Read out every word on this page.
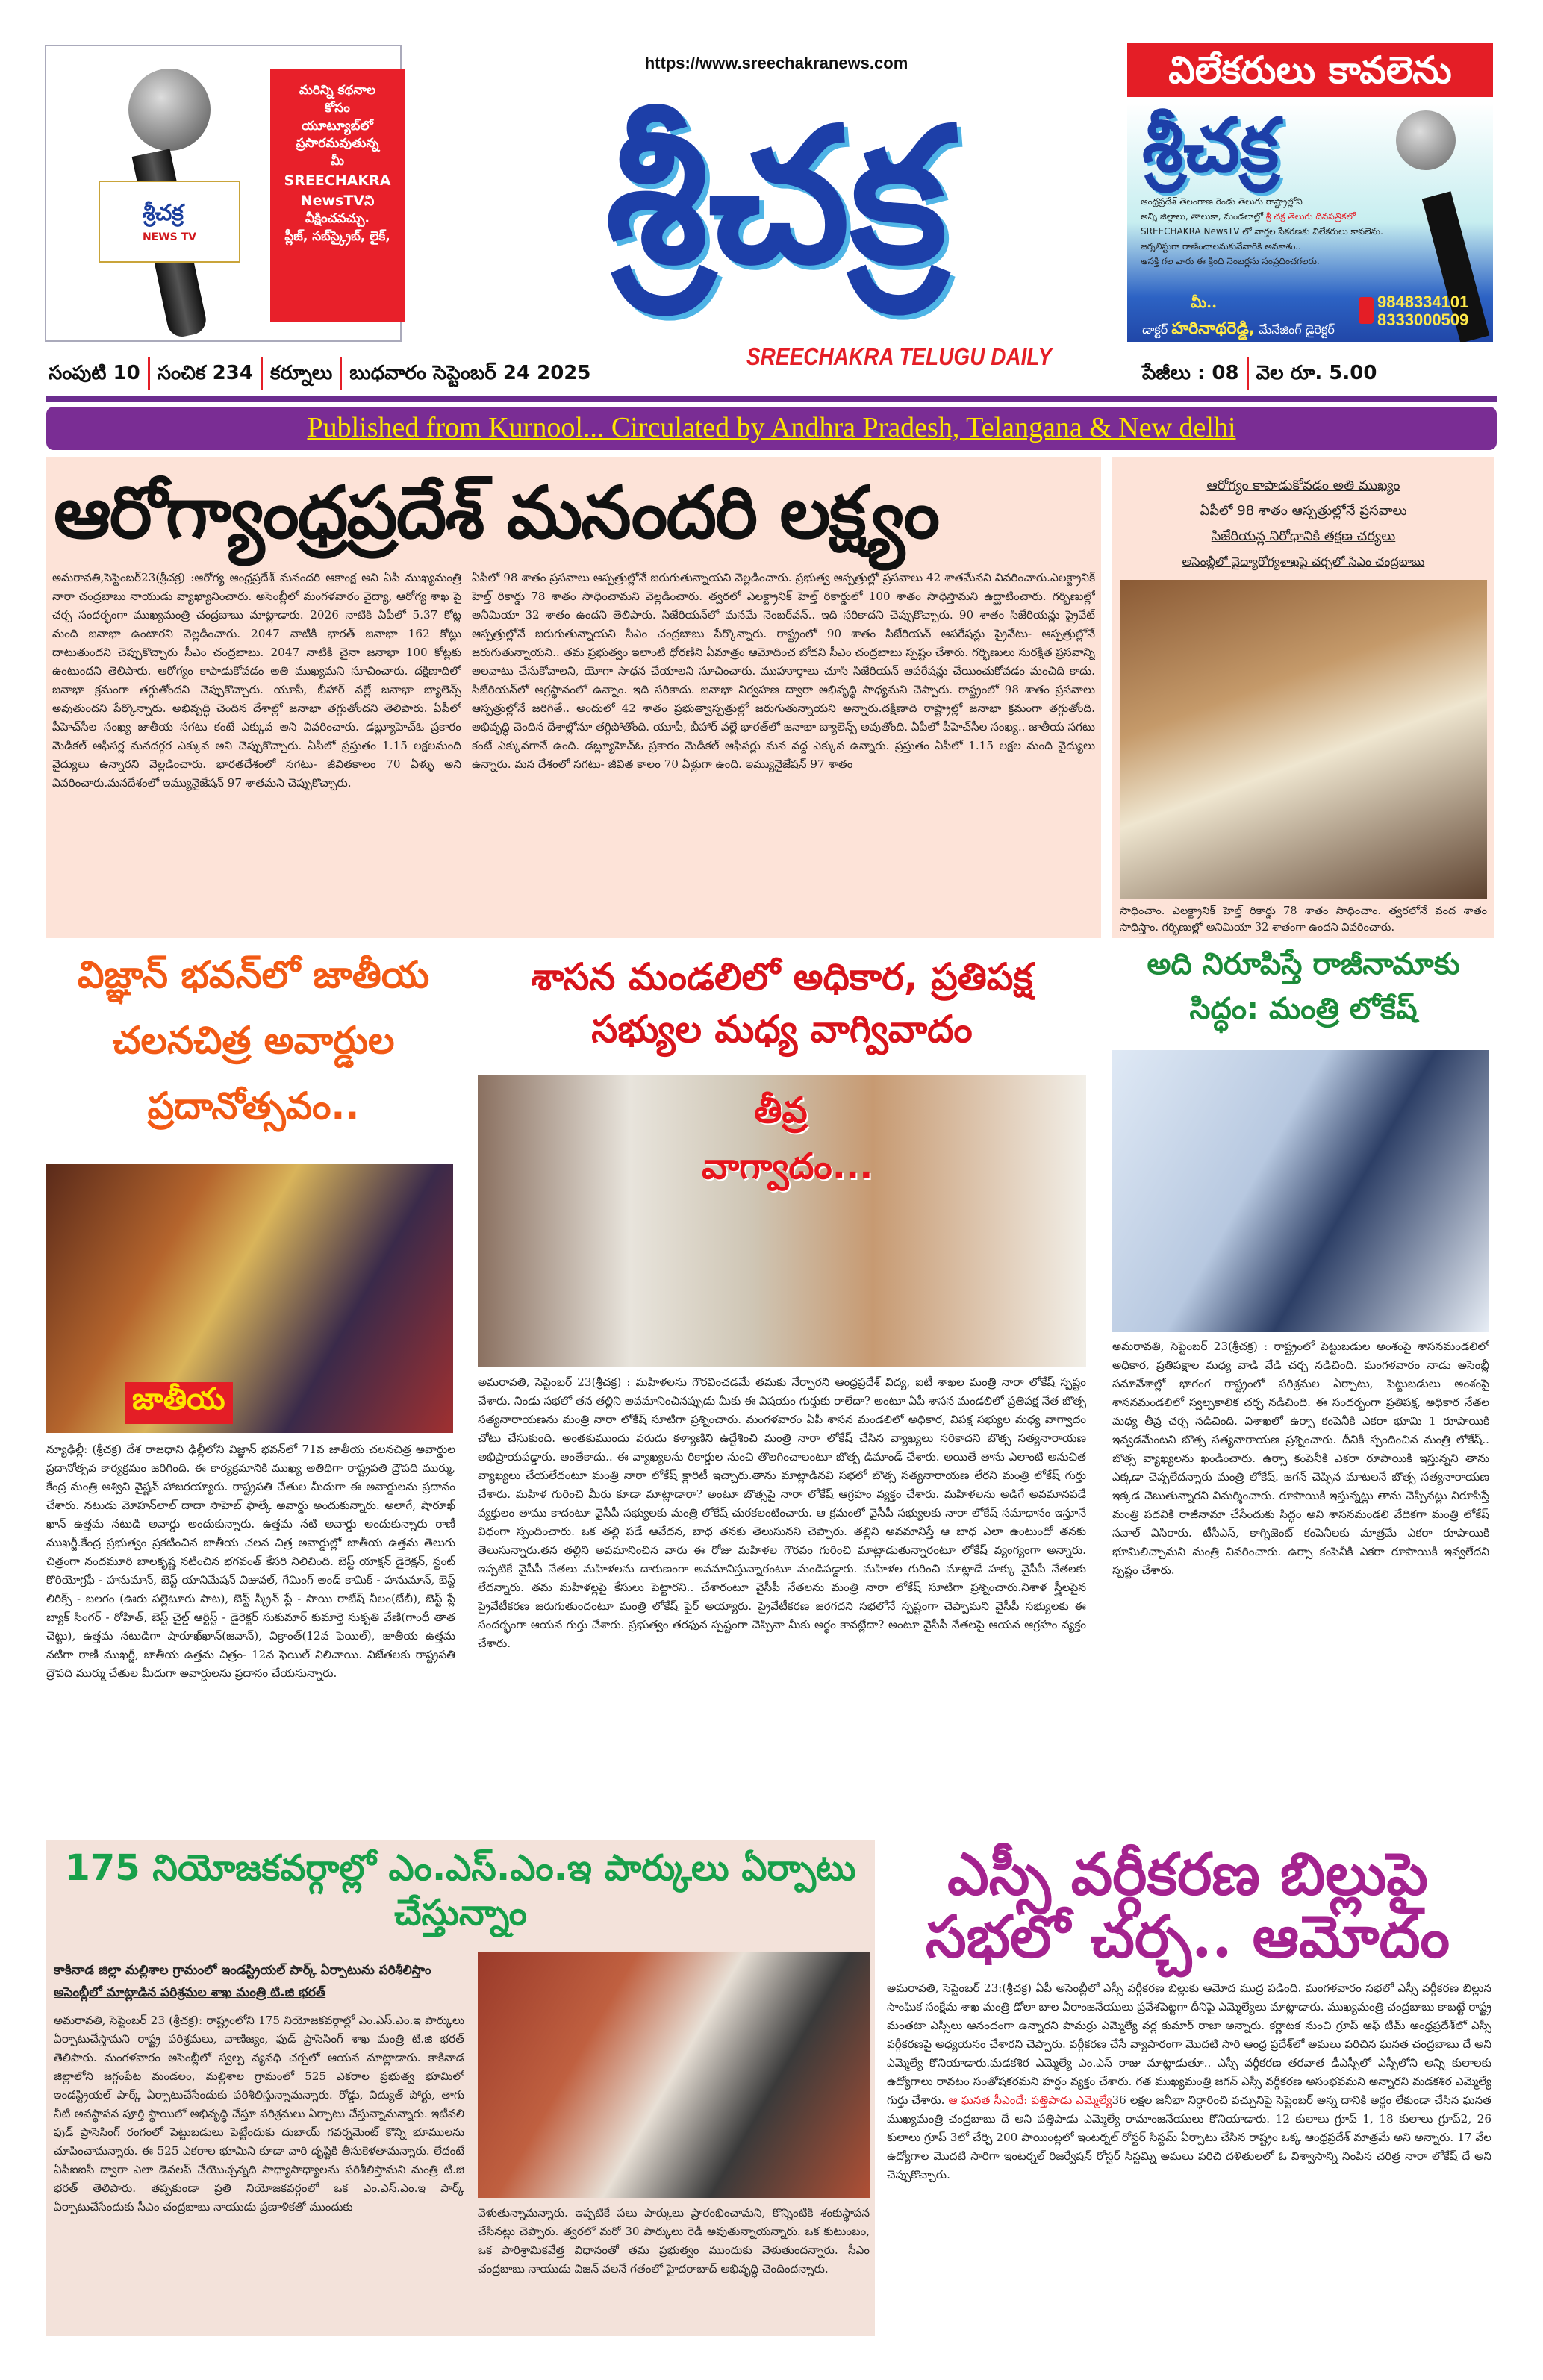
శ్రీచక్ర
NEWS TV
మరిన్ని కథనాల
కోసం
యూట్యూబ్‌లో
ప్రసారమవుతున్న
మీ
SREECHAKRA
NewsTVని
వీక్షించవచ్చు.
ప్లీజ్, సబ్‌స్క్రైబ్, లైక్,
https://www.sreechakranews.com
శ్రీచక్ర
SREECHAKRA TELUGU DAILY
విలేకరులు కావలెను
శ్రీచక్ర
ఆంధ్రప్రదేశ్-తెలంగాణ రెండు తెలుగు రాష్ట్రాల్లోని
అన్ని జిల్లాలు, తాలుకా, మండలాల్లో శ్రీ చక్ర తెలుగు దినపత్రికలో
SREECHAKRA NewsTV లో వార్తల సేకరణకు విలేకరులు కావలెను.
జర్నలిస్టుగా రాణించాలనుకునేవారికి అవకాశం..
ఆసక్తి గల వారు ఈ క్రింది నెంబర్లను సంప్రదించగలరు.
మీ..
డాక్టర్ హరినాథరెడ్డి, మేనేజింగ్ డైరెక్టర్
9848334101
8333000509
సంపుటి 10 సంచిక 234 కర్నూలు బుధవారం సెప్టెంబర్ 24 2025	పేజీలు : 08 వెల రూ. 5.00
Published from Kurnool... Circulated by Andhra Pradesh, Telangana & New delhi
ఆరోగ్యాంధ్రప్రదేశ్ మనందరి లక్ష్యం
అమరావతి,సెప్టెంబర్23(శ్రీచక్ర) :ఆరోగ్య ఆంధ్రప్రదేశ్ మనందరి ఆకాంక్ష అని ఏపీ ముఖ్యమంత్రి నారా చంద్రబాబు నాయుడు వ్యాఖ్యానించారు. అసెంబ్లీలో మంగళవారం వైద్యా, ఆరోగ్య శాఖ పై చర్చ సందర్భంగా ముఖ్యమంత్రి చంద్రబాబు మాట్లాడారు. 2026 నాటికి ఏపీలో 5.37 కోట్ల మంది జనాభా ఉంటారని వెల్లడించారు. 2047 నాటికి భారత్ జనాభా 162 కోట్లు దాటుతుందని చెప్పుకొచ్చారు సీఎం చంద్రబాబు. 2047 నాటికి చైనా జనాభా 100 కోట్లకు ఉంటుందని తెలిపారు. ఆరోగ్యం కాపాడుకోవడం అతి ముఖ్యమని సూచించారు. దక్షిణాదిలో జనాభా క్రమంగా తగ్గుతోందని చెప్పుకొచ్చారు. యూపీ, బీహార్ వల్లే జనాభా బ్యాలెన్స్ అవుతుందని పేర్కొన్నారు. అభివృద్ధి చెందిన దేశాల్లో జనాభా తగ్గుతోందని తెలిపారు. ఏపీలో పీహెచ్‌సీల సంఖ్య జాతీయ సగటు కంటే ఎక్కువ అని వివరించారు. డబ్ల్యూహెచ్‌ఓ ప్రకారం మెడికల్ ఆఫీసర్ల మనదగ్గర ఎక్కువ అని చెప్పుకొచ్చారు. ఏపీలో ప్రస్తుతం 1.15 లక్షలమంది వైద్యులు ఉన్నారని వెల్లడించారు. భారతదేశంలో సగటు- జీవితకాలం 70 ఏళ్ళు అని వివరించారు.మనదేశంలో ఇమ్యునైజేషన్ 97 శాతమని చెప్పుకొచ్చారు.
ఏపీలో 98 శాతం ప్రసవాలు ఆస్పత్రుల్లోనే జరుగుతున్నాయని వెల్లడించారు. ప్రభుత్వ ఆస్పత్రుల్లో ప్రసవాలు 42 శాతమేనని వివరించారు.ఎలక్ట్రానిక్ హెల్త్ రికార్డు 78 శాతం సాధించామని వెల్లడించారు. త్వరలో ఎలక్ట్రానిక్ హెల్త్ రికార్డులో 100 శాతం సాధిస్తామని ఉద్ఘాటించారు. గర్భిణుల్లో అనీమియా 32 శాతం ఉందని తెలిపారు. సిజేరియన్‌లో మనమే నెంబర్‌వన్.. ఇది సరికాదని చెప్పుకొచ్చారు. 90 శాతం సిజేరియన్లు ప్రైవేట్ ఆస్పత్రుల్లోనే జరుగుతున్నాయని సీఎం చంద్రబాబు పేర్కొన్నారు. రాష్ట్రంలో 90 శాతం సిజేరియన్ ఆపరేషన్లు ప్రైవేటు- ఆస్పత్రుల్లోనే జరుగుతున్నాయని.. తమ ప్రభుత్వం ఇలాంటి ధోరణిని ఏమాత్రం ఆమోదించ బోదని సీఎం చంద్రబాబు స్పష్టం చేశారు. గర్భిణులు సురక్షిత ప్రసవాన్ని అలవాటు చేసుకోవాలని, యోగా సాధన చేయాలని సూచించారు. ముహూర్తాలు చూసి సిజేరియన్ ఆపరేషన్లు చేయించుకోవడం మంచిది కాదు. సిజేరియన్‌లో అగ్రస్థానంలో ఉన్నాం. ఇది సరికాదు. జనాభా నిర్వహణ ద్వారా అభివృద్ధి సాధ్యమని చెప్పారు. రాష్ట్రంలో 98 శాతం ప్రసవాలు ఆస్పత్రుల్లోనే జరిగితే.. అందులో 42 శాతం ప్రభుత్వాస్పత్రుల్లో జరుగుతున్నాయని అన్నారు.దక్షిణాది రాష్ట్రాల్లో జనాభా క్రమంగా తగ్గుతోంది. అభివృద్ధి చెందిన దేశాల్లోనూ తగ్గిపోతోంది. యూపీ, బీహార్ వల్లే భారత్‌లో జనాభా బ్యాలెన్స్ అవుతోంది. ఏపీలో పీహెచ్‌సీల సంఖ్య.. జాతీయ సగటు కంటే ఎక్కువగానే ఉంది. డబ్ల్యూహెచ్‌ఓ ప్రకారం మెడికల్ ఆఫీసర్లు మన వద్ద ఎక్కువ ఉన్నారు. ప్రస్తుతం ఏపీలో 1.15 లక్షల మంది వైద్యులు ఉన్నారు. మన దేశంలో సగటు- జీవిత కాలం 70 ఏళ్లుగా ఉంది. ఇమ్యునైజేషన్ 97 శాతం
ఆరోగ్యం కాపాడుకోవడం అతి ముఖ్యం
ఏపీలో 98 శాతం ఆస్పత్రుల్లోనే ప్రసవాలు
సిజేరియన్ల నిరోధానికి తక్షణ చర్యలు
అసెంబ్లీలో వైద్యారోగ్యశాఖపై చర్చలో సిఎం చంద్రబాబు
సాధించాం. ఎలక్ట్రానిక్ హెల్త్ రికార్డు 78 శాతం సాధించాం. త్వరలోనే వంద శాతం సాధిస్తాం. గర్భిణుల్లో అనిమియా 32 శాతంగా ఉందని వివరించారు.
విజ్ఞాన్ భవన్‌లో జాతీయ చలనచిత్ర అవార్డుల ప్రదానోత్సవం..
జాతీయ
న్యూఢిల్లీ: (శ్రీచక్ర) దేశ రాజధాని ఢిల్లీలోని విజ్ఞాన్ భవన్‌లో 71వ జాతీయ చలనచిత్ర అవార్డుల ప్రదానోత్సవ కార్యక్రమం జరిగింది. ఈ కార్యక్రమానికి ముఖ్య అతిథిగా రాష్ట్రపతి ద్రౌపది ముర్ము, కేంద్ర మంత్రి అశ్విని వైష్ణవ్ హాజరయ్యారు. రాష్ట్రపతి చేతుల మీదుగా ఈ అవార్డులను ప్రదానం చేశారు. నటుడు మోహన్‌లాల్ దాదా సాహెబ్ ఫాల్కే అవార్డు అందుకున్నారు. అలాగే, షారూఖ్ ఖాన్ ఉత్తమ నటుడి అవార్డు అందుకున్నారు. ఉత్తమ నటి అవార్డు అందుకున్నారు రాణీ ముఖర్జీ.కేంద్ర ప్రభుత్వం ప్రకటించిన జాతీయ చలన చిత్ర అవార్డుల్లో జాతీయ ఉత్తమ తెలుగు చిత్రంగా నందమూరి బాలకృష్ణ నటించిన భగవంత్ కేసరి నిలిచింది. బెస్ట్ యాక్షన్ డైరెక్షన్, స్టంట్ కొరియోగ్రఫీ - హనుమాన్, బెస్ట్ యానిమేషన్ విజువల్, గేమింగ్ అండ్ కామిక్ - హనుమాన్, బెస్ట్ లిరిక్స్ - బలగం (ఊరు పల్లెటూరు పాట), బెస్ట్ స్క్రీన్ ప్లే - సాయి రాజేష్ నీలం(బేబీ), బెస్ట్ ప్లే బ్యాక్ సింగర్ - రోహిత్, బెస్ట్ చైల్డ్ ఆర్టిస్ట్ - డైరెక్టర్ సుకుమార్ కుమార్తె సుకృతి వేణి(గాంధీ తాత చెట్టు), ఉత్తమ నటుడిగా షారూఖ్‌ఖాన్(జవాన్), విక్రాంత్(12వ ఫెయిల్), జాతీయ ఉత్తమ నటిగా రాణీ ముఖర్జీ, జాతీయ ఉత్తమ చిత్రం- 12వ ఫెయిల్ నిలిచాయి. విజేతలకు రాష్ట్రపతి ద్రౌపది ముర్ము చేతుల మీదుగా అవార్డులను ప్రదానం చేయనున్నారు.
శాసన మండలిలో అధికార, ప్రతిపక్ష సభ్యుల మధ్య వాగ్వివాదం
తీవ్ర
వాగ్వాదం...
అమరావతి, సెప్టెంబర్ 23(శ్రీచక్ర) : మహిళలను గౌరవించడమే తమకు నేర్పారని ఆంధ్రప్రదేశ్ విద్య, ఐటీ శాఖల మంత్రి నారా లోకేష్ స్పష్టం చేశారు. నిండు సభలో తన తల్లిని అవమానించినప్పుడు మీకు ఈ విషయం గుర్తుకు రాలేదా? అంటూ ఏపీ శాసన మండలిలో ప్రతిపక్ష నేత బొత్స సత్యనారాయణను మంత్రి నారా లోకేష్ సూటిగా ప్రశ్నించారు. మంగళవారం ఏపీ శాసన మండలిలో అధికార, విపక్ష సభ్యుల మధ్య వాగ్వాదం చోటు చేసుకుంది. అంతకుముందు వరుదు కళ్యాణిని ఉద్దేశించి మంత్రి నారా లోకేష్ చేసిన వ్యాఖ్యలు సరికాదని బొత్స సత్యనారాయణ అభిప్రాయపడ్డారు. అంతేకాదు.. ఈ వ్యాఖ్యలను రికార్డుల నుంచి తొలగించాలంటూ బొత్స డిమాండ్ చేశారు. అయితే తాను ఎలాంటి అనుచిత వ్యాఖ్యలు చేయలేదంటూ మంత్రి నారా లోకేష్ క్లారిటీ ఇచ్చారు.తాను మాట్లాడినవి సభలో బొత్స సత్యనారాయణ లేరని మంత్రి లోకేష్ గుర్తు చేశారు. మహిళ గురించి మీరు కూడా మాట్లాడారా? అంటూ బొత్సపై నారా లోకేష్ ఆగ్రహం వ్యక్తం చేశారు. మహిళలను అడిగే అవమానపడే వ్యక్తులం తాము కాదంటూ వైసీపీ సభ్యులకు మంత్రి లోకేష్ చురకలంటించారు. ఆ క్రమంలో వైసీపీ సభ్యులకు నారా లోకేష్ సమాధానం ఇస్తూనే విధంగా స్పందించారు. ఒక తల్లి పడే ఆవేదన, బాధ తనకు తెలుసునని చెప్పారు. తల్లిని అవమానిస్తే ఆ బాధ ఎలా ఉంటుందో తనకు తెలుసున్నారు.తన తల్లిని అవమానించిన వారు ఈ రోజు మహిళల గౌరవం గురించి మాట్లాడుతున్నారంటూ లోకేష్ వ్యంగ్యంగా అన్నారు. ఇప్పటికే వైసీపీ నేతలు మహిళలను దారుణంగా అవమానిస్తున్నారంటూ మండిపడ్డారు. మహిళల గురించి మాట్లాడే హక్కు వైసీపీ నేతలకు లేదన్నారు. తమ మహిళల్లపై కేసులు పెట్టారని.. చేశారంటూ వైసీపీ నేతలను మంత్రి నారా లోకేష్ సూటిగా ప్రశ్నించారు.నిశాళ స్త్రీలపైన ప్రైవేటీకరణ జరుగుతుందంటూ మంత్రి లోకేష్ ఫైర్ అయ్యారు. ప్రైవేటీకరణ జరగదని సభలోనే స్పష్టంగా చెప్పామని వైసీపీ సభ్యులకు ఈ సందర్భంగా ఆయన గుర్తు చేశారు. ప్రభుత్వం తరఫున స్పష్టంగా చెప్పినా మీకు అర్థం కావట్లేదా? అంటూ వైసీపీ నేతలపై ఆయన ఆగ్రహం వ్యక్తం చేశారు.
అది నిరూపిస్తే రాజీనామాకు సిద్ధం: మంత్రి లోకేష్
అమరావతి, సెప్టెంబర్ 23(శ్రీచక్ర) : రాష్ట్రంలో పెట్టుబడుల అంశంపై శాసనమండలిలో అధికార, ప్రతిపక్షాల మధ్య వాడి వేడి చర్చ నడిచింది. మంగళవారం నాడు అసెంబ్లీ సమావేశాల్లో భాగంగ రాష్ట్రంలో పరిశ్రమల ఏర్పాటు, పెట్టుబడులు అంశంపై శాసనమండలిలో స్వల్పకాలిక చర్చ నడిచింది. ఈ సందర్భంగా ప్రతిపక్ష, అధికార నేతల మధ్య తీవ్ర చర్చ నడిచింది. విశాఖలో ఉర్సా కంపెనీకి ఎకరా భూమి 1 రూపాయికి ఇవ్వడమేంటని బొత్స సత్యనారాయణ ప్రశ్నించారు. దీనికి స్పందించిన మంత్రి లోకేష్.. బొత్స వ్యాఖ్యలను ఖండించారు. ఉర్సా కంపెనీకి ఎకరా రూపాయికి ఇస్తున్నని తాను ఎక్కడా చెప్పలేదన్నారు మంత్రి లోకేష్. జగన్ చెప్పిన మాటలనే బొత్స సత్యనారాయణ ఇక్కడ చెబుతున్నారని విమర్శించారు. రూపాయికి ఇస్తున్నట్లు తాను చెప్పినట్లు నిరూపిస్తే మంత్రి పదవికి రాజీనామా చేసేందుకు సిద్ధం అని శాసనమండలి వేదికగా మంత్రి లోకేష్ సవాల్ విసిరారు. టీసీఎస్, కాగ్నిజెంట్ కంపెనీలకు మాత్రమే ఎకరా రూపాయికి భూమిలిచ్చామని మంత్రి వివరించారు. ఉర్సా కంపెనీకి ఎకరా రూపాయికి ఇవ్వలేదని స్పష్టం చేశారు.
175 నియోజకవర్గాల్లో ఎం.ఎస్.ఎం.ఇ పార్కులు ఏర్పాటు చేస్తున్నాం
కాకినాడ జిల్లా మల్లిశాల గ్రామంలో ఇండస్ట్రియల్ పార్క్ ఏర్పాటును పరిశీలిస్తాం
అసెంబ్లీలో మాట్లాడిన పరిశ్రమల శాఖ మంత్రి టి.జి భరత్
అమరావతి, సెప్టెంబర్ 23 (శ్రీచక్ర): రాష్ట్రంలోని 175 నియోజకవర్గాల్లో ఎం.ఎస్.ఎం.ఇ పార్కులు ఏర్పాటుచేస్తామని రాష్ట్ర పరిశ్రమలు, వాణిజ్యం, ఫుడ్ ప్రాసెసింగ్ శాఖ మంత్రి టి.జి భరత్ తెలిపారు. మంగళవారం అసెంబ్లీలో స్వల్ప వ్యవధి చర్చలో ఆయన మాట్లాడారు. కాకినాడ జిల్లాలోని జగ్గంపేట మండలం, మల్లిశాల గ్రామంలో 525 ఎకరాల ప్రభుత్వ భూమిలో ఇండస్ట్రియల్ పార్క్ ఏర్పాటుచేసేందుకు పరిశీలిస్తున్నామన్నారు. రోడ్డు, విద్యుత్ పోర్టు, తాగు నీటి అవస్థాపన పూర్తి స్థాయిలో అభివృద్ధి చేస్తూ పరిశ్రమలు ఏర్పాటు చేస్తున్నామన్నారు. ఇటీవలి ఫుడ్ ప్రాసెసింగ్ రంగంలో పెట్టుబడులు పెట్టేందుకు దుబాయ్ గవర్నమెంట్ కొన్ని భూములను చూపించామన్నారు. ఈ 525 ఎకరాల భూమిని కూడా వారి దృష్టికి తీసుకెళతామన్నారు. లేదంటే ఏపీఐఐసీ ద్వారా ఎలా డెవలప్ చేయొచ్చన్నది సాధ్యాసాధ్యాలను పరిశీలిస్తామని మంత్రి టి.జి భరత్ తెలిపారు. తప్పకుండా ప్రతి నియోజకవర్గంలో ఒక ఎం.ఎస్.ఎం.ఇ పార్క్ ఏర్పాటుచేసేందుకు సీఎం చంద్రబాబు నాయుడు ప్రణాళికతో ముందుకు	వెళుతున్నామన్నారు. ఇప్పటికే పలు పార్కులు ప్రారంభించామని, కొన్నింటికి శంకుస్థాపన చేసినట్లు చెప్పారు. త్వరలో మరో 30 పార్కులు రెడీ అవుతున్నాయన్నారు. ఒక కుటుంబం, ఒక పారిశ్రామికవేత్త విధానంతో తమ ప్రభుత్వం ముందుకు వెళుతుందన్నారు. సీఎం చంద్రబాబు నాయుడు విజన్ వలనే గతంలో హైదరాబాద్ అభివృద్ధి చెందిందన్నారు.
ఎస్సీ వర్గీకరణ బిల్లుపై సభలో చర్చ.. ఆమోదం
అమరావతి, సెప్టెంబర్ 23:(శ్రీచక్ర) ఏపీ అసెంబ్లీలో ఎస్సీ వర్గీకరణ బిల్లుకు ఆమోద ముద్ర పడింది. మంగళవారం సభలో ఎస్సీ వర్గీకరణ బిల్లున సాంఘిక సంక్షేమ శాఖ మంత్రి డోలా బాల వీరాంజనేయులు ప్రవేశపెట్టగా దీనిపై ఎమ్మెల్యేలు మాట్లాడారు. ముఖ్యమంత్రి చంద్రబాబు కాబట్టే రాష్ట్ర మంతటా ఎస్సీలు ఆనందంగా ఉన్నారని పామర్రు ఎమ్మెల్యే వర్ల కుమార్ రాజా అన్నారు. కర్ణాటక నుంచి గ్రూప్ ఆఫ్ టీమ్ ఆంధ్రప్రదేశ్‌లో ఎస్సీ వర్గీకరణపై అధ్యయనం చేశారని చెప్పారు. వర్గీకరణ చేసే వ్యాపారంగా మొదటి సారి ఆంధ్ర ప్రదేశ్‌లో అమలు పరిచిన ఘనత చంద్రబాబు దే అని ఎమ్మెల్యే కొనియాడారు.మడకశిర ఎమ్మెల్యే ఎం.ఎస్ రాజు మాట్లాడుతూ.. ఎస్సీ వర్గీకరణ తరవాత డీఎస్సీలో ఎస్సీలోని అన్ని కులాలకు ఉద్యోగాలు రావటం సంతోషకరమని హర్షం వ్యక్తం చేశారు. గత ముఖ్యమంత్రి జగన్ ఎస్సీ వర్గీకరణ అసంభవమని అన్నారని మడకశిర ఎమ్మెల్యే గుర్తు చేశారు. ఆ ఘనత సీఎందే: పత్తిపాడు ఎమ్మెల్యే36 లక్షల జనీభా నిర్ధారించి వచ్చునిపై సెప్టెంబర్ అన్న దానికి అర్థం లేకుండా చేసిన ఘనత ముఖ్యమంత్రి చంద్రబాబు దే అని పత్తిపాడు ఎమ్మెల్యే రామాంజనేయులు కొనియాడారు. 12 కులాలు గ్రూప్ 1, 18 కులాలు గ్రూప్2, 26 కులాలు గ్రూప్ 3లో చేర్చి 200 పాయింట్లలో ఇంటర్నల్ రోస్టర్ సిస్టమ్ ఏర్పాటు చేసిన రాష్ట్రం ఒక్క ఆంధ్రప్రదేశ్ మాత్రమే అని అన్నారు. 17 వేల ఉద్యోగాల మొదటి సారిగా ఇంటర్నల్ రిజర్వేషన్ రోస్టర్ సిస్టమ్ని అమలు పరిచి దళితులలో ఓ విశ్వాసాన్ని నింపిన చరిత్ర నారా లోకేష్ దే అని చెప్పుకొచ్చారు.
